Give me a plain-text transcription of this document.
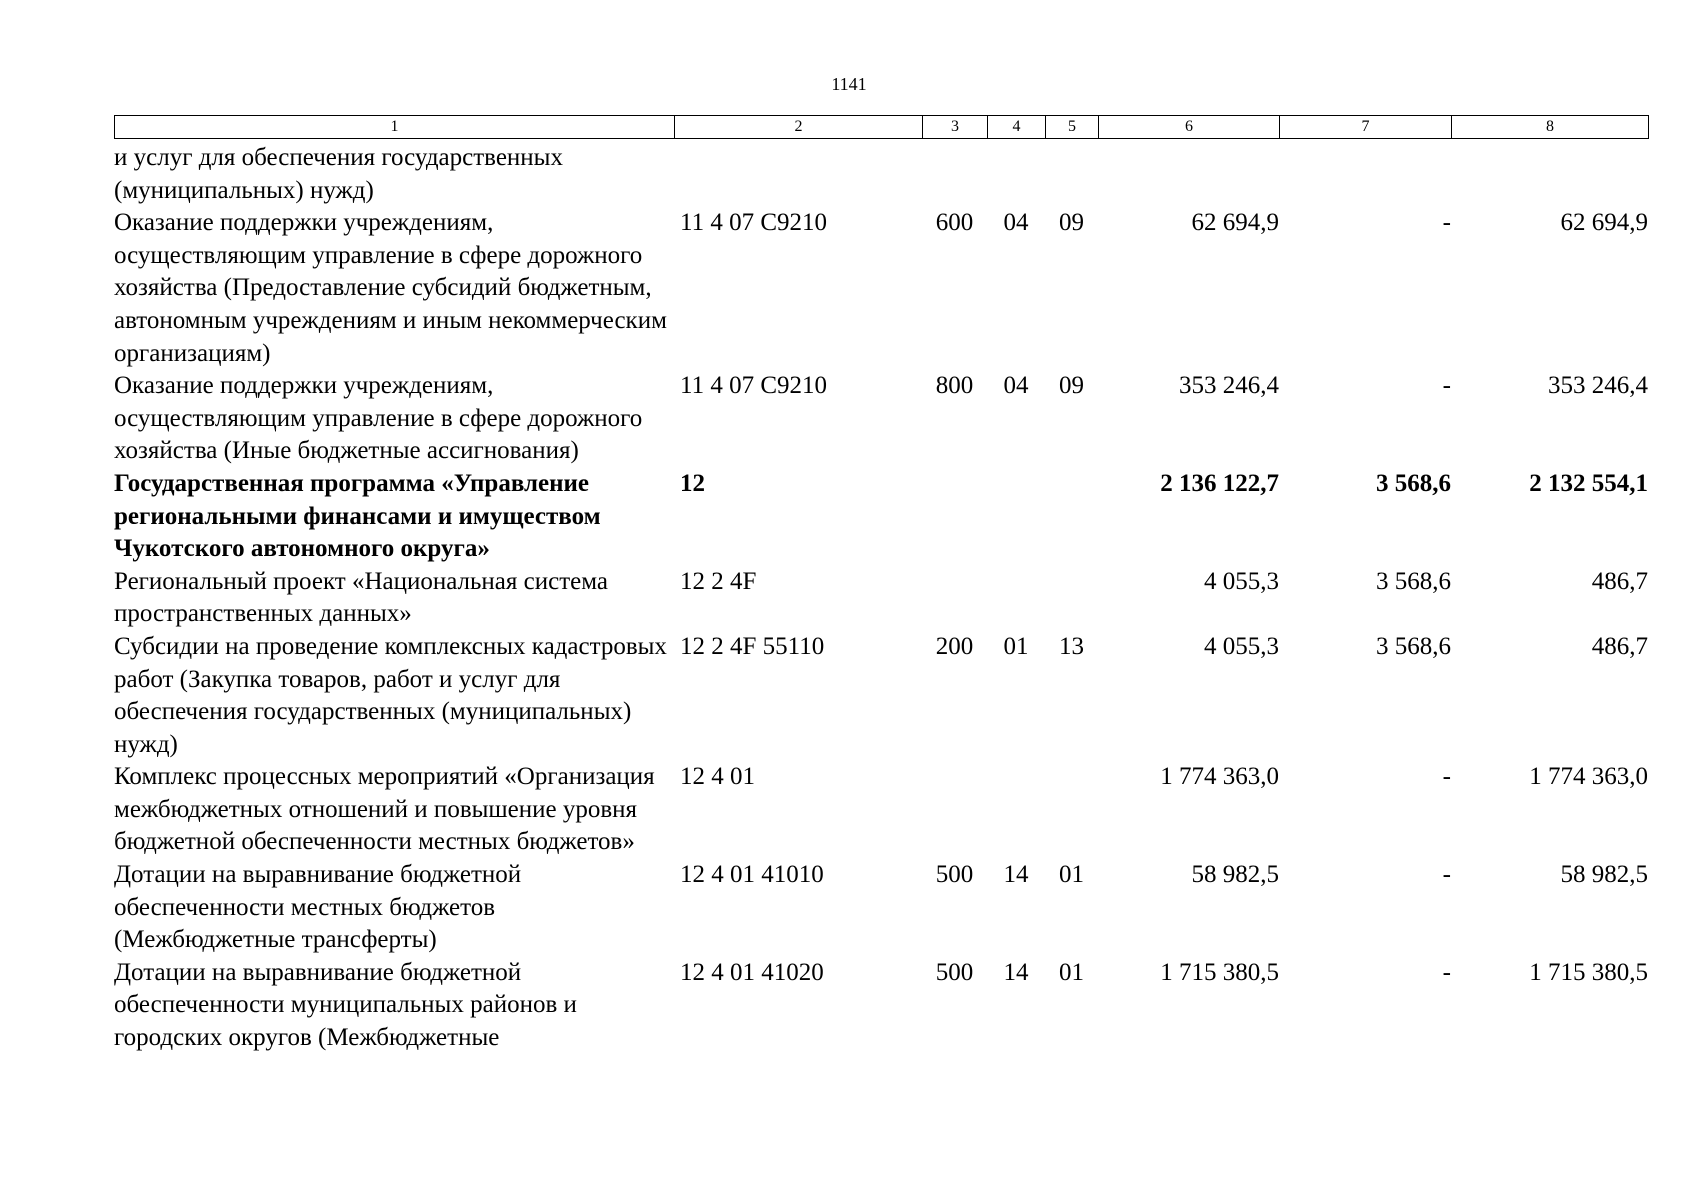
1141
1	2	3	4	5	6	7	8
и услуг для обеспечения государственных (муниципальных) нужд)							
Оказание поддержки учреждениям, осуществляющим управление в сфере дорожного хозяйства (Предоставление субсидий бюджетным, автономным учреждениям и иным некоммерческим организациям)	11 4 07 С9210	600	04	09	62 694,9	-	62 694,9
Оказание поддержки учреждениям, осуществляющим управление в сфере дорожного хозяйства (Иные бюджетные ассигнования)	11 4 07 С9210	800	04	09	353 246,4	-	353 246,4
Государственная программа «Управление региональными финансами и имуществом Чукотского автономного округа»	12				2 136 122,7	3 568,6	2 132 554,1
Региональный проект «Национальная система пространственных данных»	12 2 4F				4 055,3	3 568,6	486,7
Субсидии на проведение комплексных кадастровых работ (Закупка товаров, работ и услуг для обеспечения государственных (муниципальных) нужд)	12 2 4F 55110	200	01	13	4 055,3	3 568,6	486,7
Комплекс процессных мероприятий «Организация межбюджетных отношений и повышение уровня бюджетной обеспеченности местных бюджетов»	12 4 01				1 774 363,0	-	1 774 363,0
Дотации на выравнивание бюджетной обеспеченности местных бюджетов (Межбюджетные трансферты)	12 4 01 41010	500	14	01	58 982,5	-	58 982,5
Дотации на выравнивание бюджетной обеспеченности муниципальных районов и городских округов (Межбюджетные	12 4 01 41020	500	14	01	1 715 380,5	-	1 715 380,5
